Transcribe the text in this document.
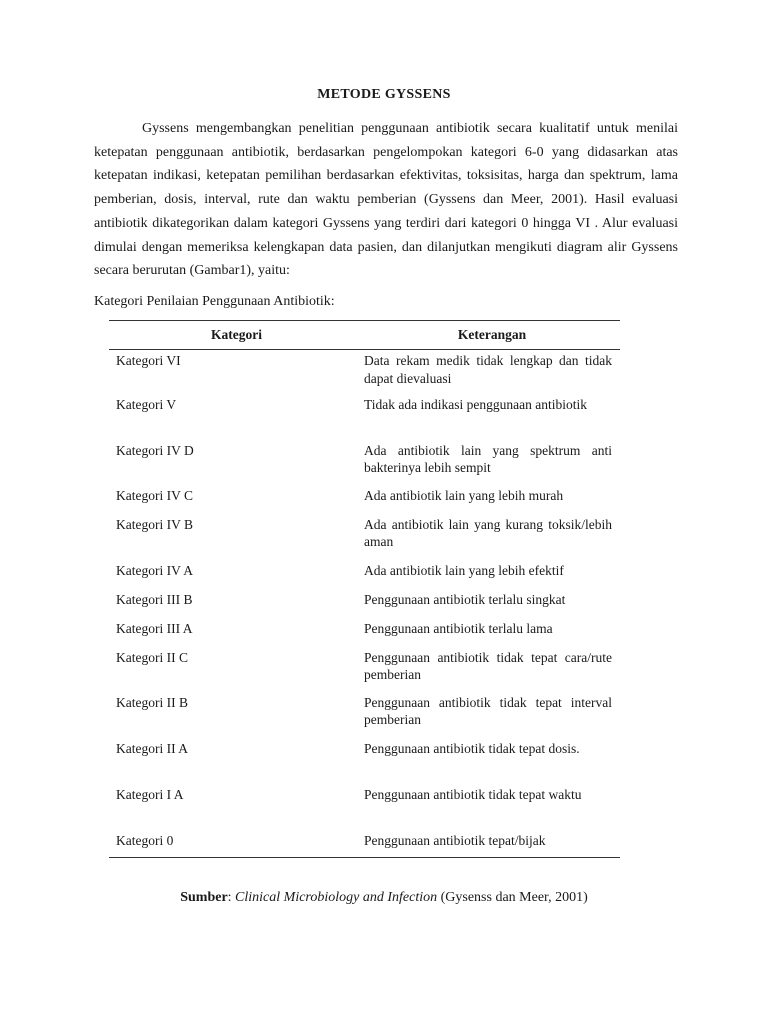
METODE GYSSENS

Gyssens mengembangkan penelitian penggunaan antibiotik secara kualitatif untuk menilai ketepatan penggunaan antibiotik, berdasarkan pengelompokan kategori 6-0 yang didasarkan atas ketepatan indikasi, ketepatan pemilihan berdasarkan efektivitas, toksisitas, harga dan spektrum, lama pemberian, dosis, interval, rute dan waktu pemberian (Gyssens dan Meer, 2001). Hasil evaluasi antibiotik dikategorikan dalam kategori Gyssens yang terdiri dari kategori 0 hingga VI . Alur evaluasi dimulai dengan memeriksa kelengkapan data pasien, dan dilanjutkan mengikuti diagram alir Gyssens secara berurutan (Gambar1), yaitu:

Kategori Penilaian Penggunaan Antibiotik:
Kategori	Keterangan
Kategori VI	Data rekam medik tidak lengkap dan tidak dapat dievaluasi
Kategori V	Tidak ada indikasi penggunaan antibiotik
Kategori IV D	Ada antibiotik lain yang spektrum anti bakterinya lebih sempit
Kategori IV C	Ada antibiotik lain yang lebih murah
Kategori IV B	Ada antibiotik lain yang kurang toksik/lebih aman
Kategori IV A	Ada antibiotik lain yang lebih efektif
Kategori III B	Penggunaan antibiotik terlalu singkat
Kategori III A	Penggunaan antibiotik terlalu lama
Kategori II C	Penggunaan antibiotik tidak tepat cara/rute pemberian
Kategori II B	Penggunaan antibiotik tidak tepat interval pemberian
Kategori II A	Penggunaan antibiotik tidak tepat dosis.
Kategori I A	Penggunaan antibiotik tidak tepat waktu
Kategori 0	Penggunaan antibiotik tepat/bijak
Sumber: Clinical Microbiology and Infection (Gysenss dan Meer, 2001)
